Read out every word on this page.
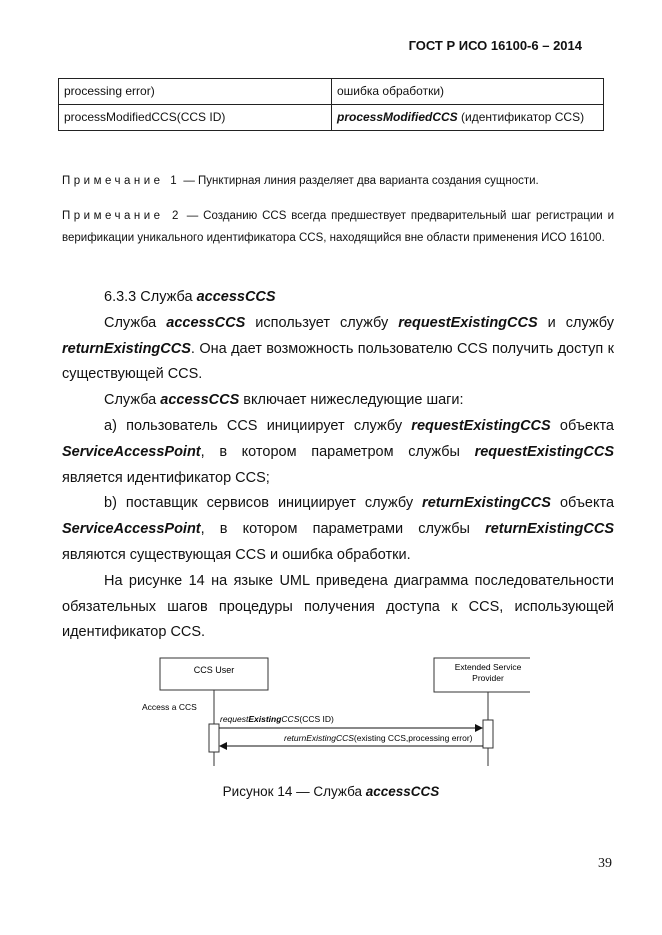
ГОСТ Р ИСО 16100-6 – 2014
processing error)	ошибка обработки)
processModifiedCCS(CCS ID)	processModifiedCCS (идентификатор CCS)
Примечание 1 — Пунктирная линия разделяет два варианта создания сущности.
Примечание 2 — Созданию CCS всегда предшествует предварительный шаг регистрации и верификации уникального идентификатора CCS, находящийся вне области применения ИСО 16100.

6.3.3 Служба accessCCS

Служба accessCCS использует службу requestExistingCCS и службу returnExistingCCS. Она дает возможность пользователю CCS получить доступ к существующей CCS.

Служба accessCCS включает нижеследующие шаги:

a) пользователь CCS инициирует службу requestExistingCCS объекта ServiceAccessPoint, в котором параметром службы requestExistingCCS является идентификатор CCS;

b) поставщик сервисов инициирует службу returnExistingCCS объекта ServiceAccessPoint, в котором параметрами службы returnExistingCCS являются существующая CCS и ошибка обработки.

На рисунке 14 на языке UML приведена диаграмма последовательности обязательных шагов процедуры получения доступа к CCS, использующей идентификатор CCS.

CCS User	Extended Service
Provider
Access a CCS
requestExistingCCS(CCS ID)
returnExistingCCS(existing CCS,processing error)
Рисунок 14 — Служба accessCCS
39
